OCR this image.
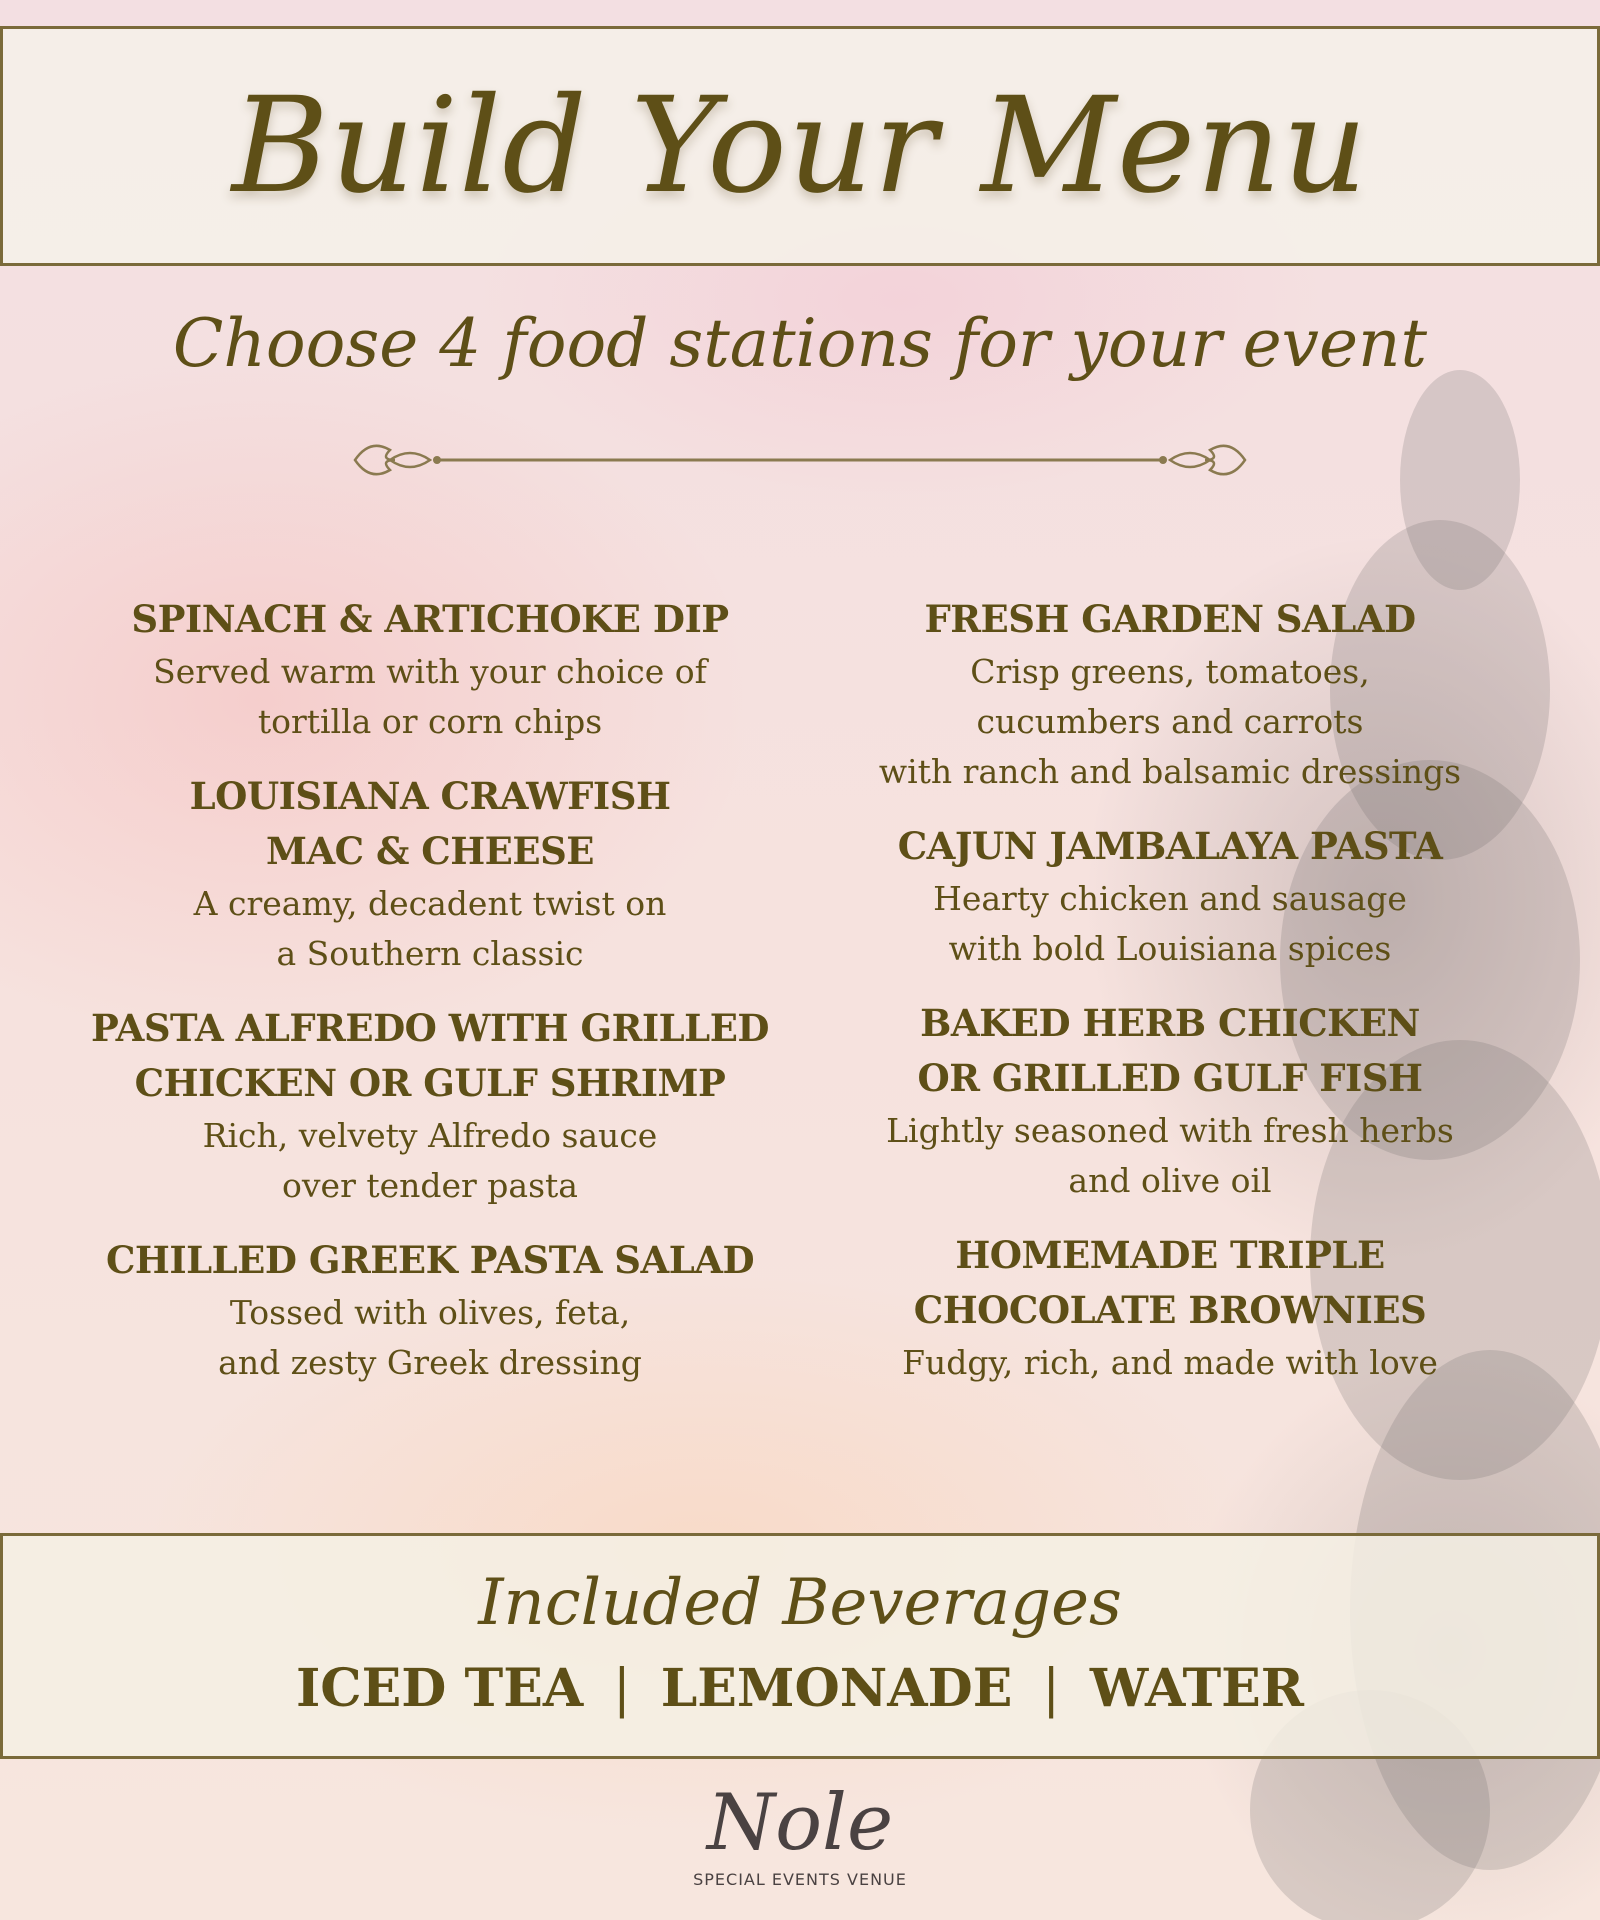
Build Your Menu
Choose 4 food stations for your event
SPINACH & ARTICHOKE DIP
Served warm with your choice of
tortilla or corn chips
LOUISIANA CRAWFISH
MAC & CHEESE
A creamy, decadent twist on
a Southern classic
PASTA ALFREDO WITH GRILLED
CHICKEN OR GULF SHRIMP
Rich, velvety Alfredo sauce
over tender pasta
CHILLED GREEK PASTA SALAD
Tossed with olives, feta,
and zesty Greek dressing
FRESH GARDEN SALAD
Crisp greens, tomatoes,
cucumbers and carrots
with ranch and balsamic dressings
CAJUN JAMBALAYA PASTA
Hearty chicken and sausage
with bold Louisiana spices
BAKED HERB CHICKEN
OR GRILLED GULF FISH
Lightly seasoned with fresh herbs
and olive oil
HOMEMADE TRIPLE
CHOCOLATE BROWNIES
Fudgy, rich, and made with love
Included Beverages
ICED TEA | LEMONADE | WATER
Nole
SPECIAL EVENTS VENUE
